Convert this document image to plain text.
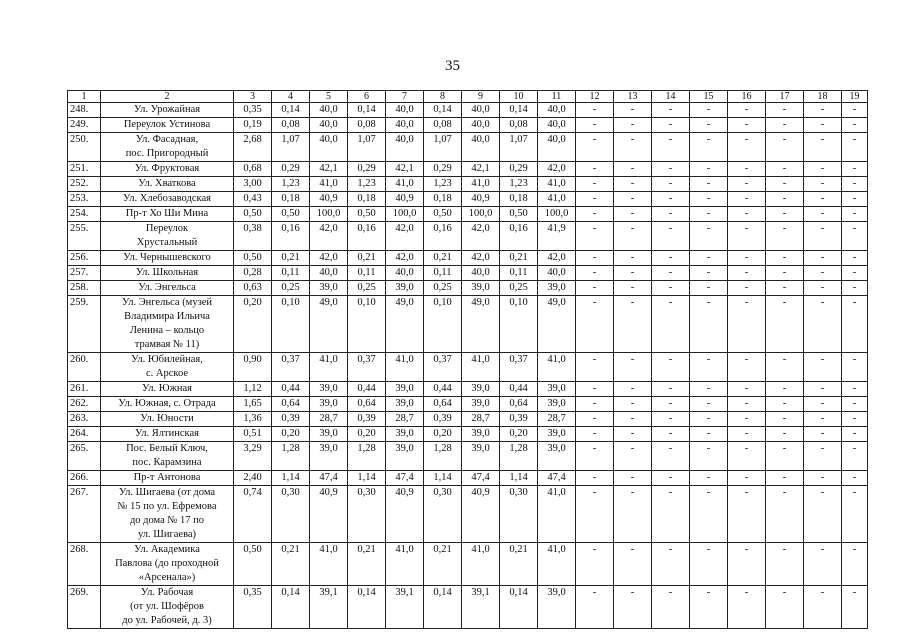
35
1	2	3	4	5	6	7	8	9	10	11	12	13	14	15	16	17	18	19
248.	Ул. Урожайная	0,35	0,14	40,0	0,14	40,0	0,14	40,0	0,14	40,0	-	-	-	-	-	-	-	-
249.	Переулок Устинова	0,19	0,08	40,0	0,08	40,0	0,08	40,0	0,08	40,0	-	-	-	-	-	-	-	-
250.	Ул. Фасадная,
пос. Пригородный	2,68	1,07	40,0	1,07	40,0	1,07	40,0	1,07	40,0	-	-	-	-	-	-	-	-
251.	Ул. Фруктовая	0,68	0,29	42,1	0,29	42,1	0,29	42,1	0,29	42,0	-	-	-	-	-	-	-	-
252.	Ул. Хваткова	3,00	1,23	41,0	1,23	41,0	1,23	41,0	1,23	41,0	-	-	-	-	-	-	-	-
253.	Ул. Хлебозаводская	0,43	0,18	40,9	0,18	40,9	0,18	40,9	0,18	41,0	-	-	-	-	-	-	-	-
254.	Пр-т Хо Ши Мина	0,50	0,50	100,0	0,50	100,0	0,50	100,0	0,50	100,0	-	-	-	-	-	-	-	-
255.	Переулок
Хрустальный	0,38	0,16	42,0	0,16	42,0	0,16	42,0	0,16	41,9	-	-	-	-	-	-	-	-
256.	Ул. Чернышевского	0,50	0,21	42,0	0,21	42,0	0,21	42,0	0,21	42,0	-	-	-	-	-	-	-	-
257.	Ул. Школьная	0,28	0,11	40,0	0,11	40,0	0,11	40,0	0,11	40,0	-	-	-	-	-	-	-	-
258.	Ул. Энгельса	0,63	0,25	39,0	0,25	39,0	0,25	39,0	0,25	39,0	-	-	-	-	-	-	-	-
259.	Ул. Энгельса (музей
Владимира Ильича
Ленина – кольцо
трамвая № 11)	0,20	0,10	49,0	0,10	49,0	0,10	49,0	0,10	49,0	-	-	-	-	-	-	-	-
260.	Ул. Юбилейная,
с. Арское	0,90	0,37	41,0	0,37	41,0	0,37	41,0	0,37	41,0	-	-	-	-	-	-	-	-
261.	Ул. Южная	1,12	0,44	39,0	0,44	39,0	0,44	39,0	0,44	39,0	-	-	-	-	-	-	-	-
262.	Ул. Южная, с. Отрада	1,65	0,64	39,0	0,64	39,0	0,64	39,0	0,64	39,0	-	-	-	-	-	-	-	-
263.	Ул. Юности	1,36	0,39	28,7	0,39	28,7	0,39	28,7	0,39	28,7	-	-	-	-	-	-	-	-
264.	Ул. Ялтинская	0,51	0,20	39,0	0,20	39,0	0,20	39,0	0,20	39,0	-	-	-	-	-	-	-	-
265.	Пос. Белый Ключ,
пос. Карамзина	3,29	1,28	39,0	1,28	39,0	1,28	39,0	1,28	39,0	-	-	-	-	-	-	-	-
266.	Пр-т Антонова	2,40	1,14	47,4	1,14	47,4	1,14	47,4	1,14	47,4	-	-	-	-	-	-	-	-
267.	Ул. Шигаева (от дома
№ 15 по ул. Ефремова
до дома № 17 по
ул. Шигаева)	0,74	0,30	40,9	0,30	40,9	0,30	40,9	0,30	41,0	-	-	-	-	-	-	-	-
268.	Ул. Академика
Павлова (до проходной
«Арсенала»)	0,50	0,21	41,0	0,21	41,0	0,21	41,0	0,21	41,0	-	-	-	-	-	-	-	-
269.	Ул. Рабочая
(от ул. Шофёров
до ул. Рабочей, д. 3)	0,35	0,14	39,1	0,14	39,1	0,14	39,1	0,14	39,0	-	-	-	-	-	-	-	-
